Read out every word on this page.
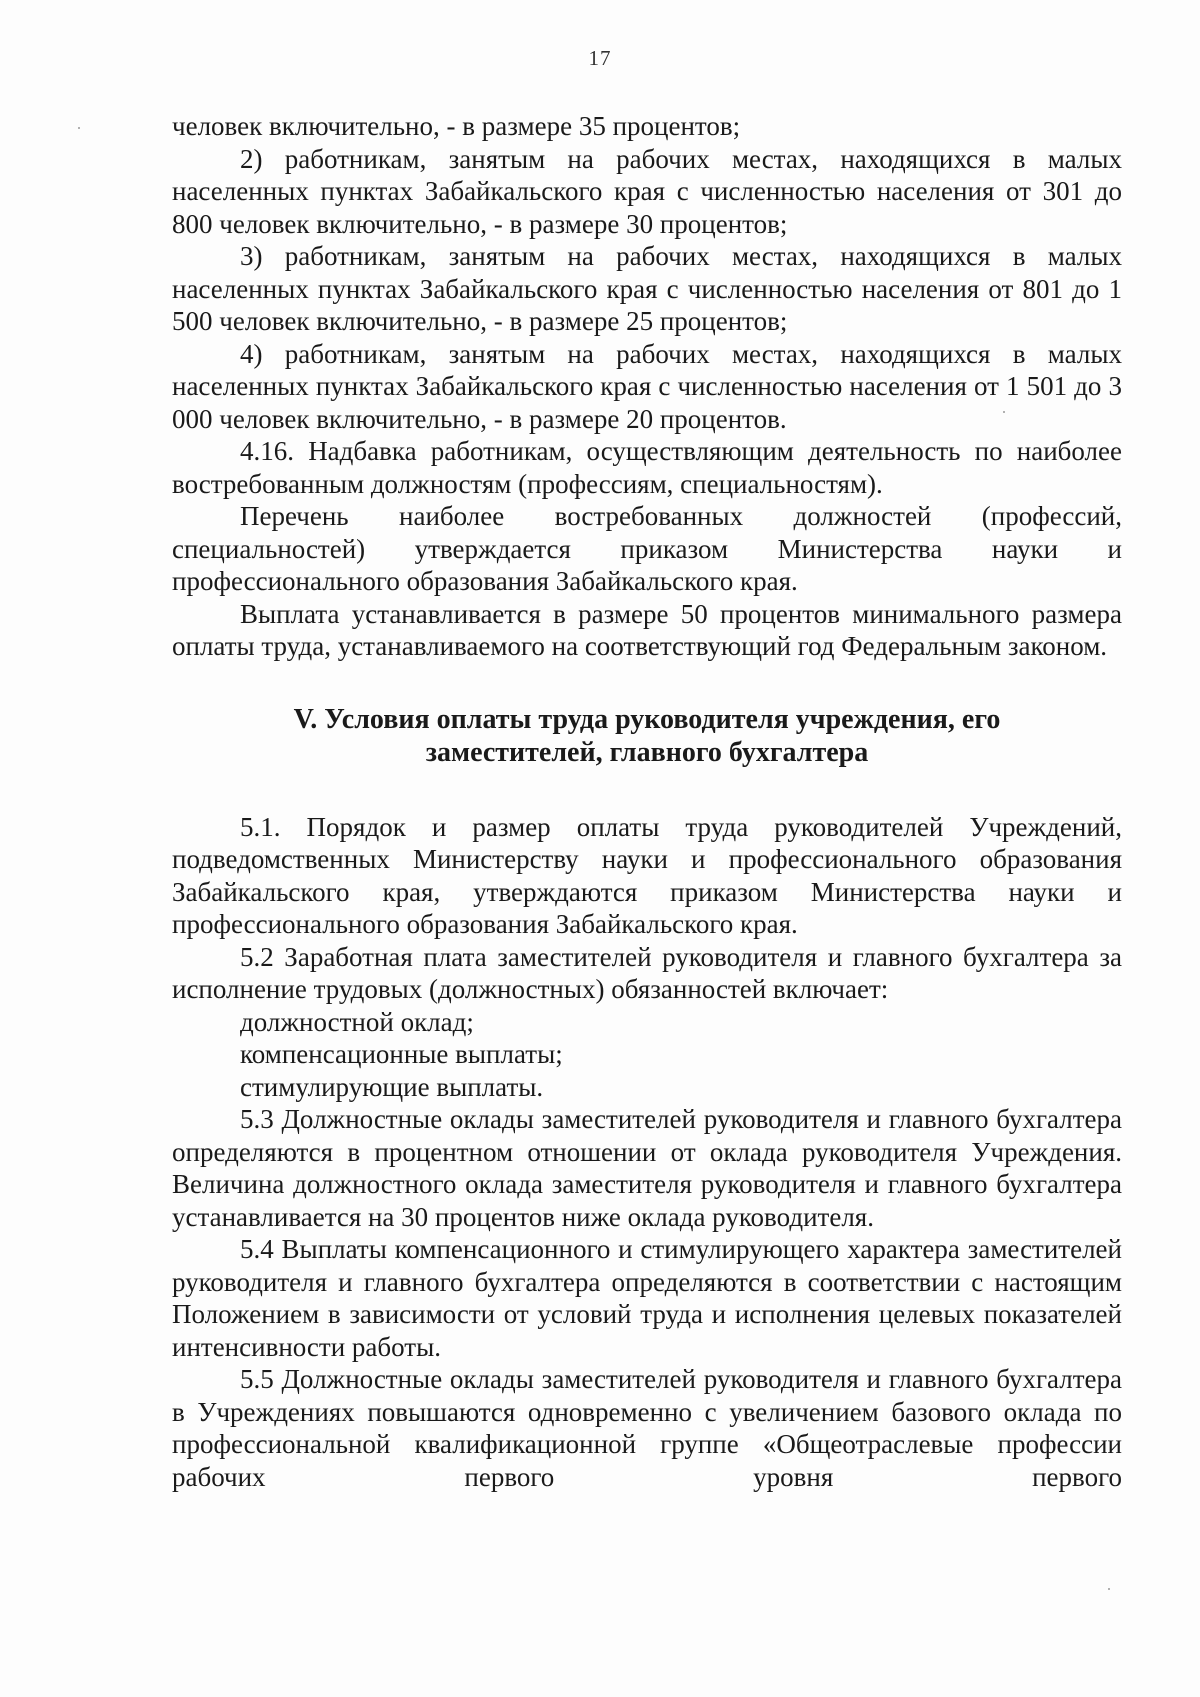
17

человек включительно, - в размере 35 процентов;

2) работникам, занятым на рабочих местах, находящихся в малых населенных пунктах Забайкальского края с численностью населения от 301 до 800 человек включительно, - в размере 30 процентов;

3) работникам, занятым на рабочих местах, находящихся в малых населенных пунктах Забайкальского края с численностью населения от 801 до 1 500 человек включительно, - в размере 25 процентов;

4) работникам, занятым на рабочих местах, находящихся в малых населенных пунктах Забайкальского края с численностью населения от 1 501 до 3 000 человек включительно, - в размере 20 процентов.

4.16. Надбавка работникам, осуществляющим деятельность по наиболее востребованным должностям (профессиям, специальностям).

Перечень наиболее востребованных должностей (профессий, специальностей) утверждается приказом Министерства науки и профессионального образования Забайкальского края.

Выплата устанавливается в размере 50 процентов минимального размера оплаты труда, устанавливаемого на соответствующий год Федеральным законом.

V. Условия оплаты труда руководителя учреждения, его

заместителей, главного бухгалтера

5.1. Порядок и размер оплаты труда руководителей Учреждений, подведомственных Министерству науки и профессионального образования Забайкальского края, утверждаются приказом Министерства науки и профессионального образования Забайкальского края.

5.2 Заработная плата заместителей руководителя и главного бухгалтера за исполнение трудовых (должностных) обязанностей включает:

должностной оклад;

компенсационные выплаты;

стимулирующие выплаты.

5.3 Должностные оклады заместителей руководителя и главного бухгалтера определяются в процентном отношении от оклада руководителя Учреждения. Величина должностного оклада заместителя руководителя и главного бухгалтера устанавливается на 30 процентов ниже оклада руководителя.

5.4 Выплаты компенсационного и стимулирующего характера заместителей руководителя и главного бухгалтера определяются в соответствии с настоящим Положением в зависимости от условий труда и исполнения целевых показателей интенсивности работы.

5.5 Должностные оклады заместителей руководителя и главного бухгалтера в Учреждениях повышаются одновременно с увеличением базового оклада по профессиональной квалификационной группе «Общеотраслевые профессии рабочих первого уровня первого
